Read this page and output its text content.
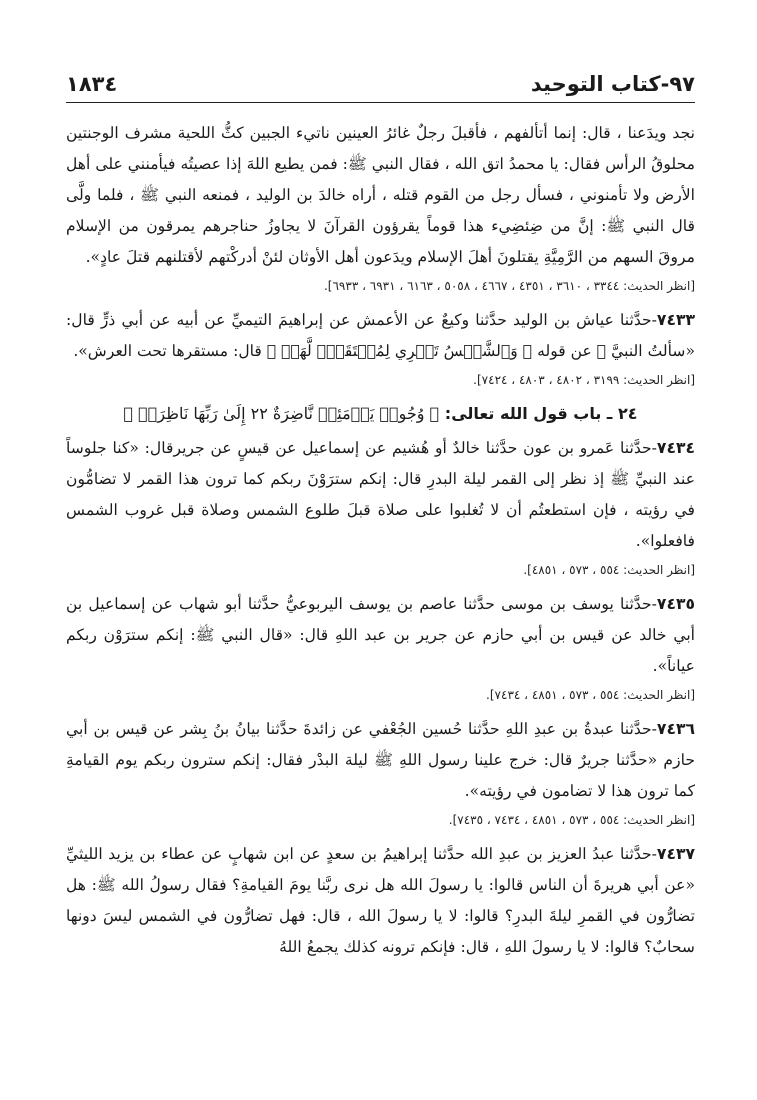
٩٧-كتاب التوحيد
١٨٣٤

نجد ويدَعنا ، قال: إنما أتألفهم ، فأقبلَ رجلٌ غائرُ العينين ناتيء الجبين كثُّ اللحية مشرف الوجنتين محلوقُ الرأس فقال: يا محمدُ اتق الله ، فقال النبي ﷺ: فمن يطيع اللهَ إذا عصيتُه فيأمنني على أهل الأرض ولا تأمنوني ، فسأل رجل من القوم قتله ، أراه خالدَ بن الوليد ، فمنعه النبي ﷺ ، فلما ولَّى قال النبي ﷺ: إنَّ من ضِئضِيء هذا قوماً يقرؤون القرآنَ لا يجاوزُ حناجرهم يمرقون من الإسلام مروقَ السهم من الرَّمِيَّةِ يقتلونَ أهلَ الإسلام ويدَعون أهل الأوثان لئنْ أدركْتهم لأقتلنهم قتلَ عادٍ».

[انظر الحديث: ٣٣٤٤ ، ٣٦١٠ ، ٤٣٥١ ، ٤٦٦٧ ، ٥٠٥٨ ، ٦١٦٣ ، ٦٩٣١ ، ٦٩٣٣].

٧٤٣٣-حدَّثنا عياش بن الوليد حدَّثنا وكيعٌ عن الأعمش عن إبراهيمَ التيميِّ عن أبيه عن أبي ذرٍّ قال: «سألتُ النبيَّ ﷺ عن قوله ﴿ وَٱلشَّمۡسُ تَجۡرِي لِمُسۡتَقَرّٖ لَّهَاۚ ﴾ قال: مستقرها تحت العرش».

[انظر الحديث: ٣١٩٩ ، ٤٨٠٢ ، ٤٨٠٣ ، ٧٤٢٤].
٢٤ ـ باب قول الله تعالى: ﴿ وُجُوهٞ يَوۡمَئِذٖ نَّاضِرَةٌ ٢٢ إِلَىٰ رَبِّهَا نَاظِرَةٞ ﴾

٧٤٣٤-حدَّثنا عَمرو بن عون حدَّثنا خالدٌ أو هُشيم عن إسماعيل عن قيسٍ عن جريرقال: «كنا جلوساً عند النبيِّ ﷺ إذ نظر إلى القمر ليلة البدرِ قال: إنكم سترَوْنَ ربكم كما ترون هذا القمر لا تضامُّون في رؤيته ، فإن استطعتُم أن لا تُغلبوا على صلاة قبلَ طلوع الشمس وصلاة قبل غروب الشمس فافعلوا».

[انظر الحديث: ٥٥٤ ، ٥٧٣ ، ٤٨٥١].

٧٤٣٥-حدَّثنا يوسف بن موسى حدَّثنا عاصم بن يوسف اليربوعيُّ حدَّثنا أبو شهاب عن إسماعيل بن أبي خالد عن قيس بن أبي حازم عن جرير بن عبد اللهِ قال: «قال النبي ﷺ: إنكم سترَوْن ربكم عياناً».

[انظر الحديث: ٥٥٤ ، ٥٧٣ ، ٤٨٥١ ، ٧٤٣٤].

٧٤٣٦-حدَّثنا عبدةُ بن عبدِ اللهِ حدَّثنا حُسين الجُعْفي عن زائدةَ حدَّثنا بيانُ بنُ بِشر عن قيس بن أبي حازم «حدَّثنا جريرٌ قال: خرج علينا رسول اللهِ ﷺ ليلة البدْر فقال: إنكم سترون ربكم يوم القيامةِ كما ترون هذا لا تضامون في رؤيته».

[انظر الحديث: ٥٥٤ ، ٥٧٣ ، ٤٨٥١ ، ٧٤٣٤ ، ٧٤٣٥].

٧٤٣٧-حدَّثنا عبدُ العزيز بن عبدِ الله حدَّثنا إبراهيمُ بن سعدٍ عن ابن شهابٍ عن عطاء بن يزيد الليثيِّ «عن أبي هريرةَ أن الناس قالوا: يا رسولَ الله هل نرى ربَّنا يومَ القيامةِ؟ فقال رسولُ الله ﷺ: هل تضارُّون في القمرِ ليلةَ البدرِ؟ قالوا: لا يا رسولَ الله ، قال: فهل تضارُّون في الشمس ليسَ دونها سحابٌ؟ قالوا: لا يا رسولَ اللهِ ، قال: فإنكم ترونه كذلك يجمعُ اللهُ
